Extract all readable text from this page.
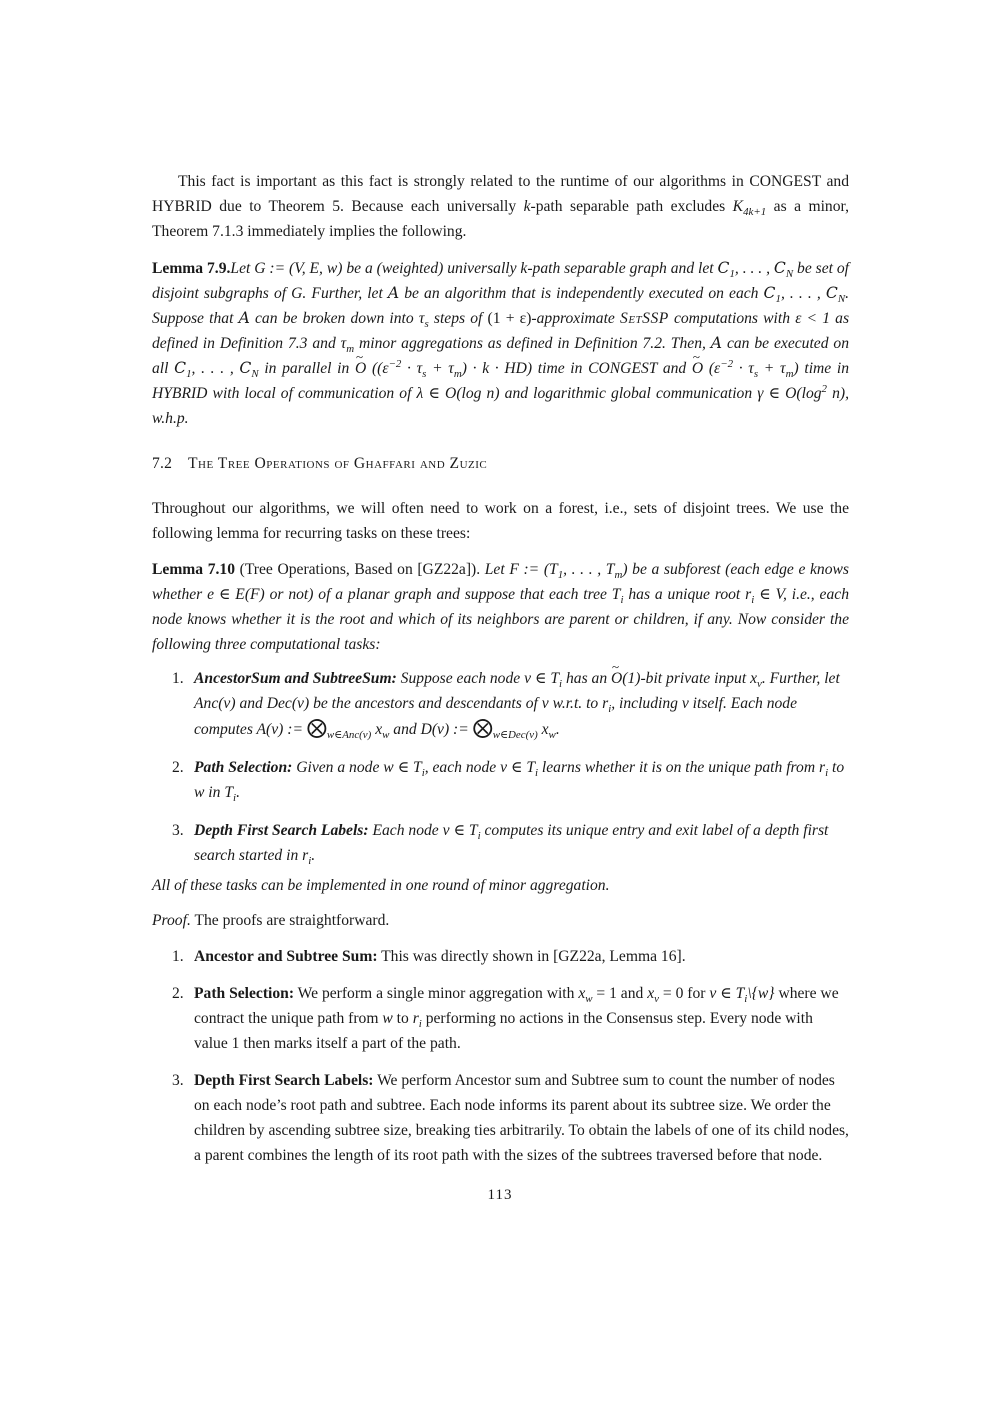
This fact is important as this fact is strongly related to the runtime of our algorithms in CONGEST and HYBRID due to Theorem 5. Because each universally k-path separable path excludes $K_{4k+1}$ as a minor, Theorem 7.1.3 immediately implies the following.

Lemma 7.9.Let G := (V, E, w) be a (weighted) universally k-path separable graph and let $C_1$, . . . , $C_N$ be set of disjoint subgraphs of G. Further, let A be an algorithm that is independently executed on each $C_1$, . . . , $C_N$. Suppose that A can be broken down into $\tau_s$ steps of (1 + ε)-approximate SetSSP computations with ε < 1 as defined in Definition 7.3 and $\tau_m$ minor aggregations as defined in Definition 7.2. Then, A can be executed on all $C_1$, . . . , $C_N$ in parallel in ~ O $((\varepsilon^{-2} \cdot \tau_s + \tau_m) \cdot k \cdot HD)$ time in CONGEST and ~ O $(\varepsilon^{-2} \cdot \tau_s + \tau_m)$ time in HYBRID with local of communication of λ ∈ O(log n) and logarithmic global communication γ ∈ $O(\log^2$ n), w.h.p.

7.2 The Tree Operations of Ghaffari and Zuzic

Throughout our algorithms, we will often need to work on a forest, i.e., sets of disjoint trees. We use the following lemma for recurring tasks on these trees:

Lemma 7.10 (Tree Operations, Based on [GZ22a]). Let F := ($T_1$, . . . , $T_m$) be a subforest (each edge e knows whether e ∈ E(F) or not) of a planar graph and suppose that each tree $T_i$ has a unique root $r_i$ ∈ V, i.e., each node knows whether it is the root and which of its neighbors are parent or children, if any. Now consider the following three computational tasks:

1. AncestorSum and SubtreeSum: Suppose each node v ∈ $T_i$ has an ~ O(1)-bit private input $x_v$. Further, let Anc(v) and Dec(v) be the ancestors and descendants of v w.r.t. to $r_i$, including v itself. Each node computes A(v) := $⨂_{w\in Anc(v)}$ $x_w$ and D(v) := $⨂_{w\in Dec(v)}$ $x_w$.
2. Path Selection: Given a node w ∈ $T_i$, each node v ∈ $T_i$ learns whether it is on the unique path from $r_i$ to w in $T_i$.
3. Depth First Search Labels: Each node v ∈ $T_i$ computes its unique entry and exit label of a depth first search started in $r_i$.

All of these tasks can be implemented in one round of minor aggregation.

Proof. The proofs are straightforward.

1. Ancestor and Subtree Sum: This was directly shown in [GZ22a, Lemma 16].
2. Path Selection: We perform a single minor aggregation with $x_w = 1$ and $x_v = 0$ for v ∈ $T_i\backslash\{w\}$ where we contract the unique path from w to $r_i$ performing no actions in the Consensus step. Every node with value 1 then marks itself a part of the path.
3. Depth First Search Labels: We perform Ancestor sum and Subtree sum to count the number of nodes on each node’s root path and subtree. Each node informs its parent about its subtree size. We order the children by ascending subtree size, breaking ties arbitrarily. To obtain the labels of one of its child nodes, a parent combines the length of its root path with the sizes of the subtrees traversed before that node.
113
